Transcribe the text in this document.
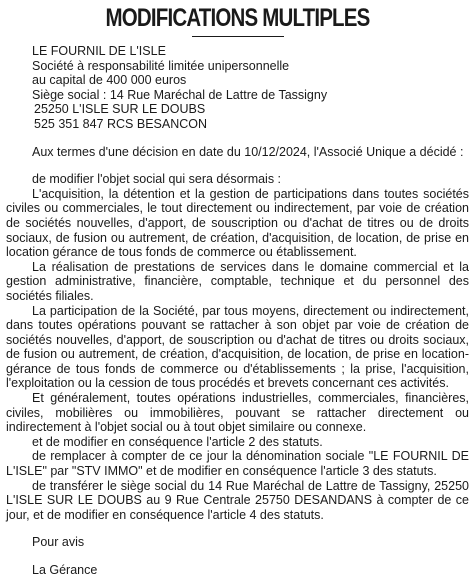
MODIFICATIONS MULTIPLES
LE FOURNIL DE L'ISLE
Société à responsabilité limitée unipersonnelle
au capital de 400 000 euros
Siège social : 14 Rue Maréchal de Lattre de Tassigny
25250 L'ISLE SUR LE DOUBS
525 351 847 RCS BESANCON
Aux termes d'une décision en date du 10/12/2024, l'Associé Unique a décidé :
de modifier l'objet social qui sera désormais :

L'acquisition, la détention et la gestion de participations dans toutes sociétés civiles ou commerciales, le tout directement ou indirectement, par voie de création de sociétés nouvelles, d'apport, de souscription ou d'achat de titres ou de droits sociaux, de fusion ou autrement, de création, d'acquisition, de location, de prise en location gérance de tous fonds de commerce ou établissement.

La réalisation de prestations de services dans le domaine commercial et la gestion administrative, financière, comptable, technique et du personnel des sociétés filiales.

La participation de la Société, par tous moyens, directement ou indirectement, dans toutes opérations pouvant se rattacher à son objet par voie de création de sociétés nouvelles, d'apport, de souscription ou d'achat de titres ou droits sociaux, de fusion ou autrement, de création, d'acquisition, de location, de prise en location-gérance de tous fonds de commerce ou d'établissements ; la prise, l'acquisition, l'exploitation ou la cession de tous procédés et brevets concernant ces activités.

Et généralement, toutes opérations industrielles, commerciales, financières, civiles, mobilières ou immobilières, pouvant se rattacher directement ou indirectement à l'objet social ou à tout objet similaire ou connexe.

et de modifier en conséquence l'article 2 des statuts.

de remplacer à compter de ce jour la dénomination sociale "LE FOURNIL DE L'ISLE" par "STV IMMO" et de modifier en conséquence l'article 3 des statuts.

de transférer le siège social du 14 Rue Maréchal de Lattre de Tassigny, 25250 L'ISLE SUR LE DOUBS au 9 Rue Centrale 25750 DESANDANS à compter de ce jour, et de modifier en conséquence l'article 4 des statuts.

Pour avis
La Gérance
